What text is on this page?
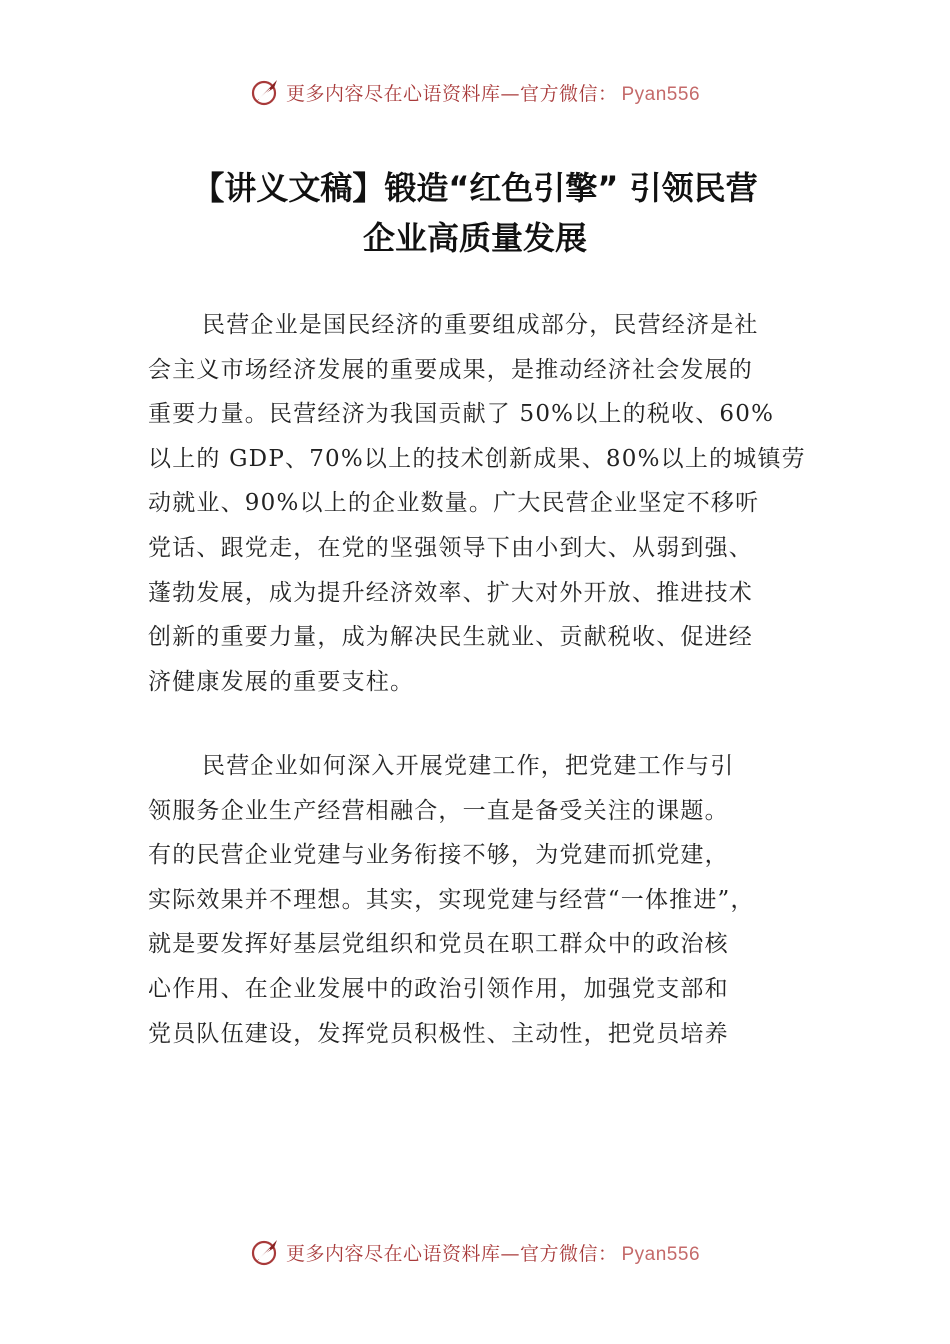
更多内容尽在心语资料库—官方微信： Pyan556
【讲义文稿】锻造“红色引擎” 引领民营
企业高质量发展
民营企业是国民经济的重要组成部分，民营经济是社
会主义市场经济发展的重要成果，是推动经济社会发展的
重要力量。民营经济为我国贡献了 50%以上的税收、60%
以上的 GDP、70%以上的技术创新成果、80%以上的城镇劳
动就业、90%以上的企业数量。广大民营企业坚定不移听
党话、跟党走，在党的坚强领导下由小到大、从弱到强、
蓬勃发展，成为提升经济效率、扩大对外开放、推进技术
创新的重要力量，成为解决民生就业、贡献税收、促进经
济健康发展的重要支柱。
民营企业如何深入开展党建工作，把党建工作与引
领服务企业生产经营相融合，一直是备受关注的课题。
有的民营企业党建与业务衔接不够，为党建而抓党建，
实际效果并不理想。其实，实现党建与经营“一体推进”，
就是要发挥好基层党组织和党员在职工群众中的政治核
心作用、在企业发展中的政治引领作用，加强党支部和
党员队伍建设，发挥党员积极性、主动性，把党员培养
更多内容尽在心语资料库—官方微信： Pyan556
